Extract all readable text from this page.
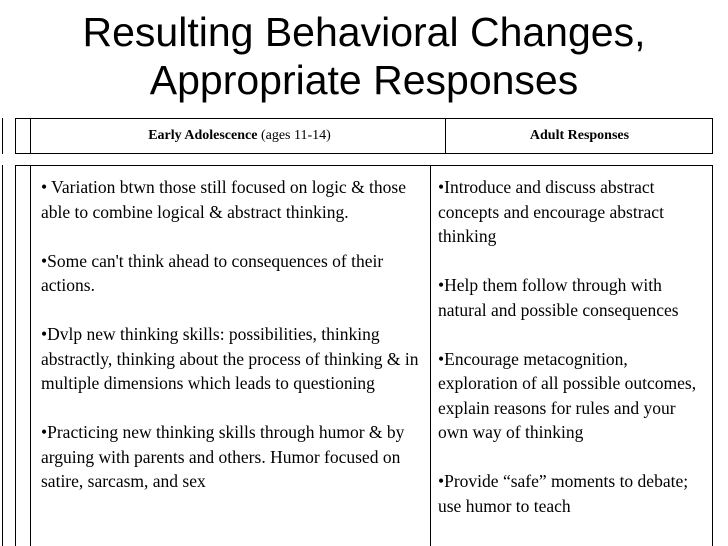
Resulting Behavioral Changes,
Appropriate Responses
Early Adolescence (ages 11-14)	Adult Responses

• Variation btwn those still focused on logic & those able to combine logical & abstract thinking.

•Some can't think ahead to consequences of their actions.

•Dvlp new thinking skills: possibilities, thinking abstractly, thinking about the process of thinking & in multiple dimensions which leads to questioning

•Practicing new thinking skills through humor & by arguing with parents and others. Humor focused on satire, sarcasm, and sex

•Introduce and discuss abstract concepts and encourage abstract thinking

•Help them follow through with natural and possible consequences

•Encourage metacognition, exploration of all possible outcomes, explain reasons for rules and your own way of thinking

•Provide “safe” moments to debate; use humor to teach
